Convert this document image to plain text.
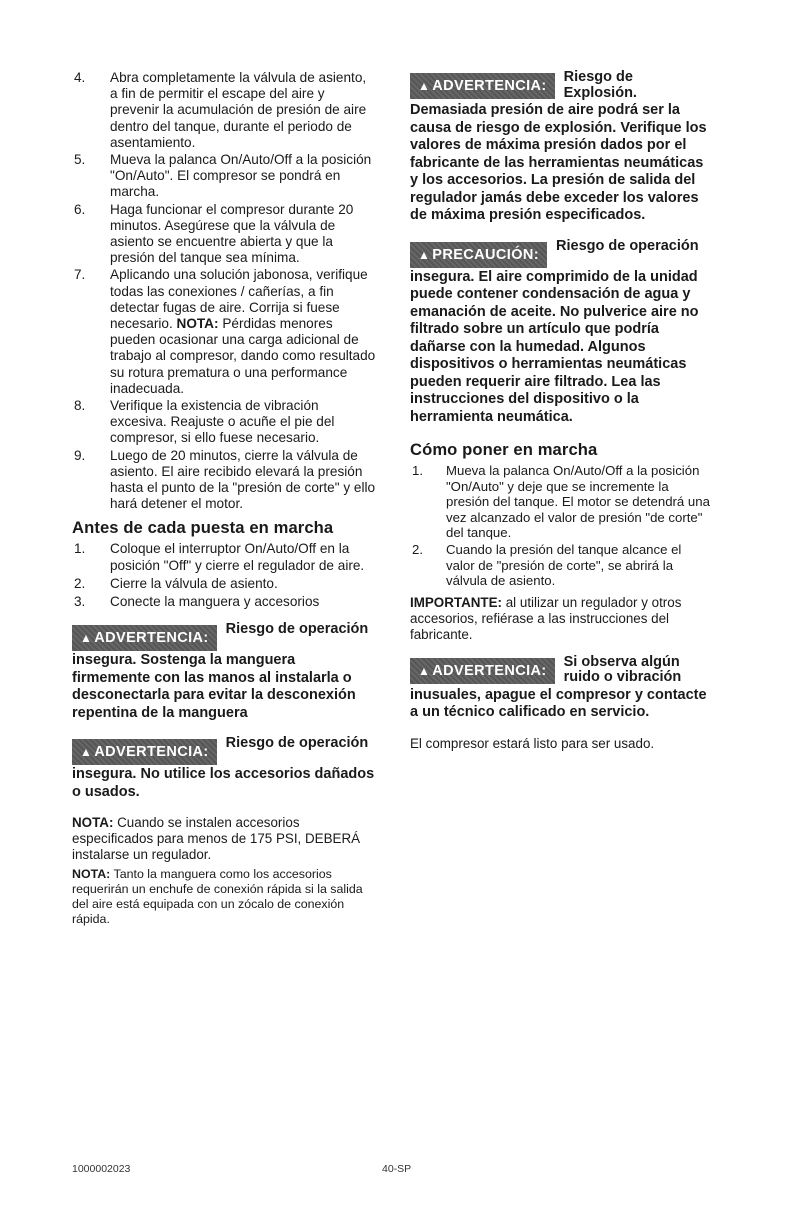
4. Abra completamente la válvula de asiento, a fin de permitir el escape del aire y prevenir la acumulación de presión de aire dentro del tanque, durante el periodo de asentamiento.
5. Mueva la palanca On/Auto/Off a la posición "On/Auto". El compresor se pondrá en marcha.
6. Haga funcionar el compresor durante 20 minutos. Asegúrese que la válvula de asiento se encuentre abierta y que la presión del tanque sea mínima.
7. Aplicando una solución jabonosa, verifique todas las conexiones / cañerías, a fin detectar fugas de aire. Corrija si fuese necesario. NOTA: Pérdidas menores pueden ocasionar una carga adicional de trabajo al compresor, dando como resultado su rotura prematura o una performance inadecuada.
8. Verifique la existencia de vibración excesiva. Reajuste o acuñe el pie del compresor, si ello fuese necesario.
9. Luego de 20 minutos, cierre la válvula de asiento. El aire recibido elevará la presión hasta el punto de la "presión de corte" y ello hará detener el motor.
Antes de cada puesta en marcha
1. Coloque el interruptor On/Auto/Off en la posición "Off" y cierre el regulador de aire.
2. Cierre la válvula de asiento.
3. Conecte la manguera y accesorios
▲ ADVERTENCIA:
Riesgo de operación
insegura. Sostenga la manguera firmemente con las manos al instalarla o desconectarla para evitar la desconexión repentina de la manguera
▲ ADVERTENCIA:
Riesgo de operación
insegura. No utilice los accesorios dañados o usados.

NOTA: Cuando se instalen accesorios especificados para menos de 175 PSI, DEBERÁ instalarse un regulador.

NOTA: Tanto la manguera como los accesorios requerirán un enchufe de conexión rápida si la salida del aire está equipada con un zócalo de conexión rápida.

▲ ADVERTENCIA:
Riesgo de Explosión.
Demasiada presión de aire podrá ser la causa de riesgo de explosión. Verifique los valores de máxima presión dados por el fabricante de las herramientas neumáticas y los accesorios. La presión de salida del regulador jamás debe exceder los valores de máxima presión especificados.
▲ PRECAUCIÓN:
Riesgo de operación
insegura. El aire comprimido de la unidad puede contener condensación de agua y emanación de aceite. No pulverice aire no filtrado sobre un artículo que podría dañarse con la humedad. Algunos dispositivos o herramientas neumáticas pueden requerir aire filtrado. Lea las instrucciones del dispositivo o la herramienta neumática.
Cómo poner en marcha
1. Mueva la palanca On/Auto/Off a la posición "On/Auto" y deje que se incremente la presión del tanque. El motor se detendrá una vez alcanzado el valor de presión "de corte" del tanque.
2. Cuando la presión del tanque alcance el valor de "presión de corte", se abrirá la válvula de asiento.

IMPORTANTE: al utilizar un regulador y otros accesorios, refiérase a las instrucciones del fabricante.

▲ ADVERTENCIA:
Si observa algún ruido o vibración
inusuales, apague el compresor y contacte a un técnico calificado en servicio.

El compresor estará listo para ser usado.

1000002023	40-SP
